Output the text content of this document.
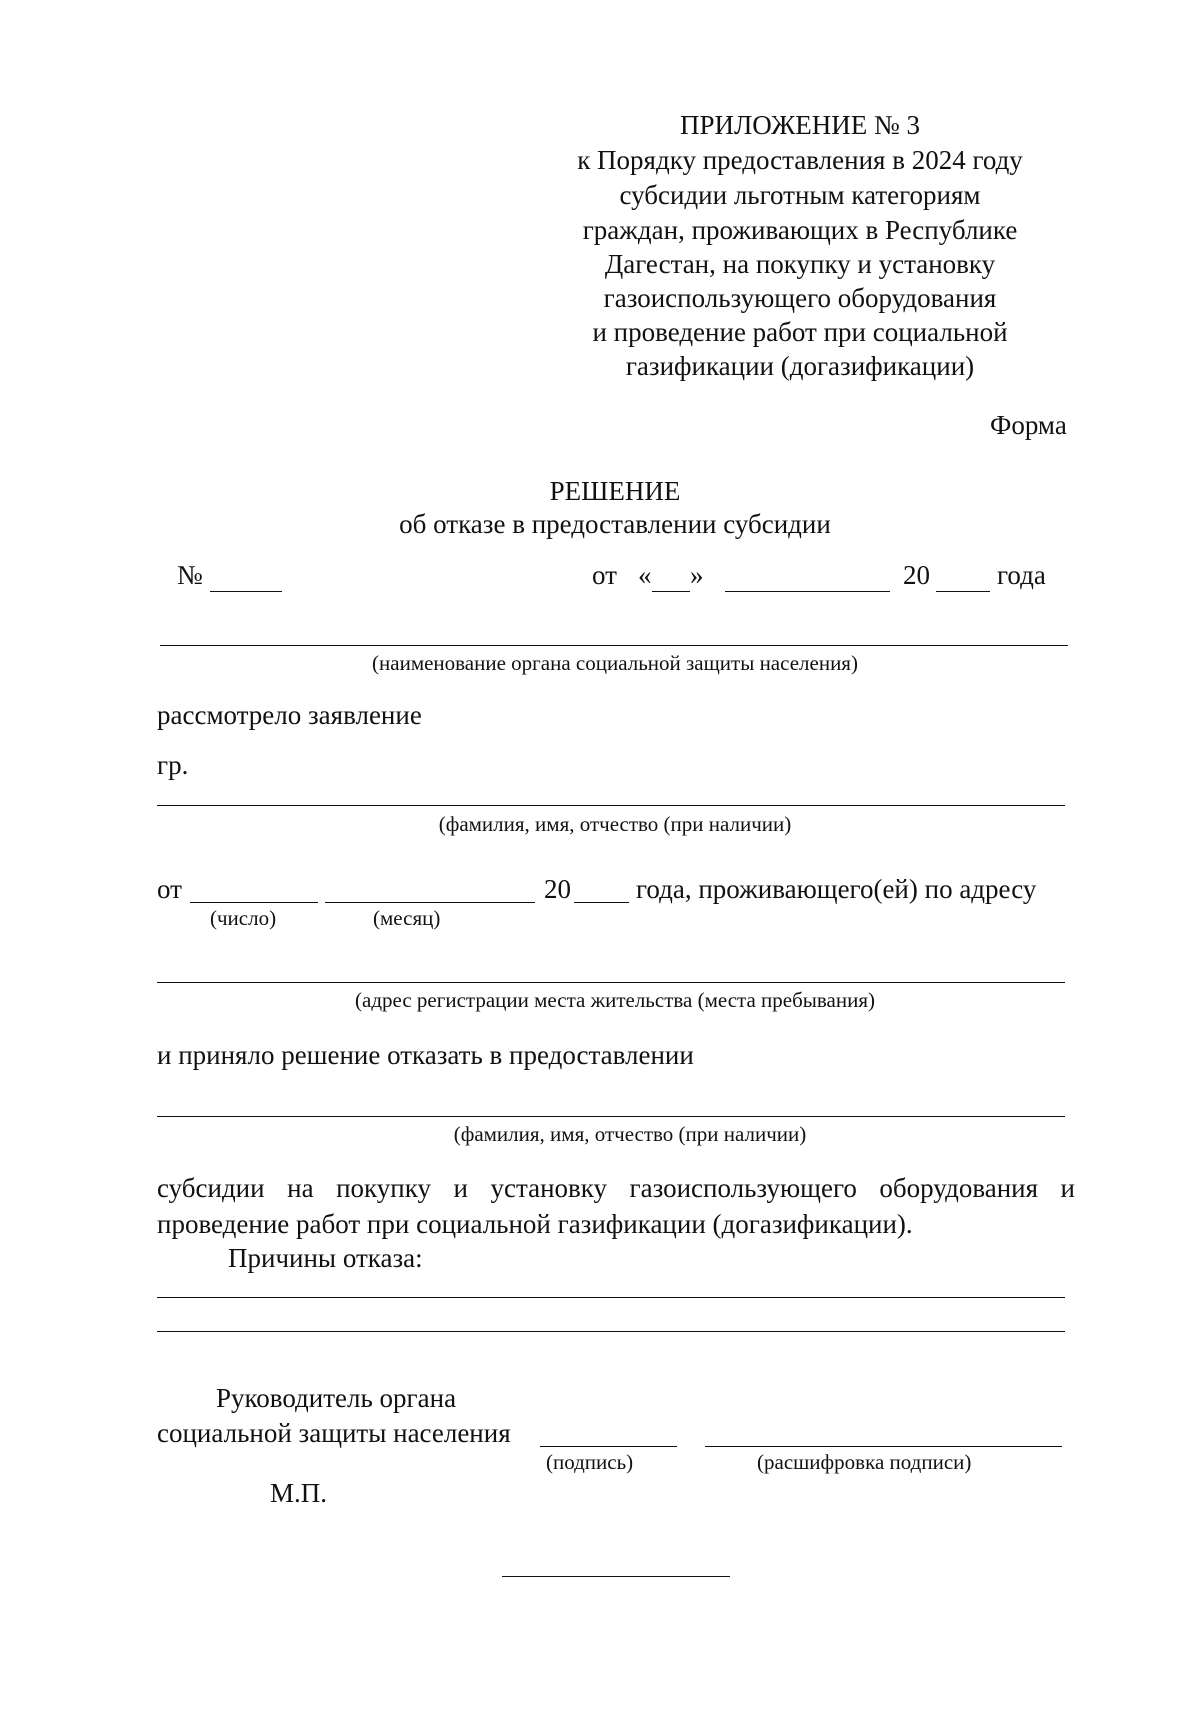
ПРИЛОЖЕНИЕ № 3
к Порядку предоставления в 2024 году
субсидии льготным категориям
граждан, проживающих в Республике
Дагестан, на покупку и установку
газоиспользующего оборудования
и проведение работ при социальной
газификации (догазификации)
Форма
РЕШЕНИЕ
об отказе в предоставлении субсидии
№	от « »	20 года
(наименование органа социальной защиты населения)
рассмотрело заявление
гр.
(фамилия, имя, отчество (при наличии)
от	20 года, проживающего(ей) по адресу
(число)	(месяц)
(адрес регистрации места жительства (места пребывания)
и приняло решение отказать в предоставлении
(фамилия, имя, отчество (при наличии)
субсидии на покупку и установку газоиспользующего оборудования и
проведение работ при социальной газификации (догазификации).
Причины отказа:
Руководитель органа
социальной защиты населения
(подпись)	(расшифровка подписи)
М.П.
